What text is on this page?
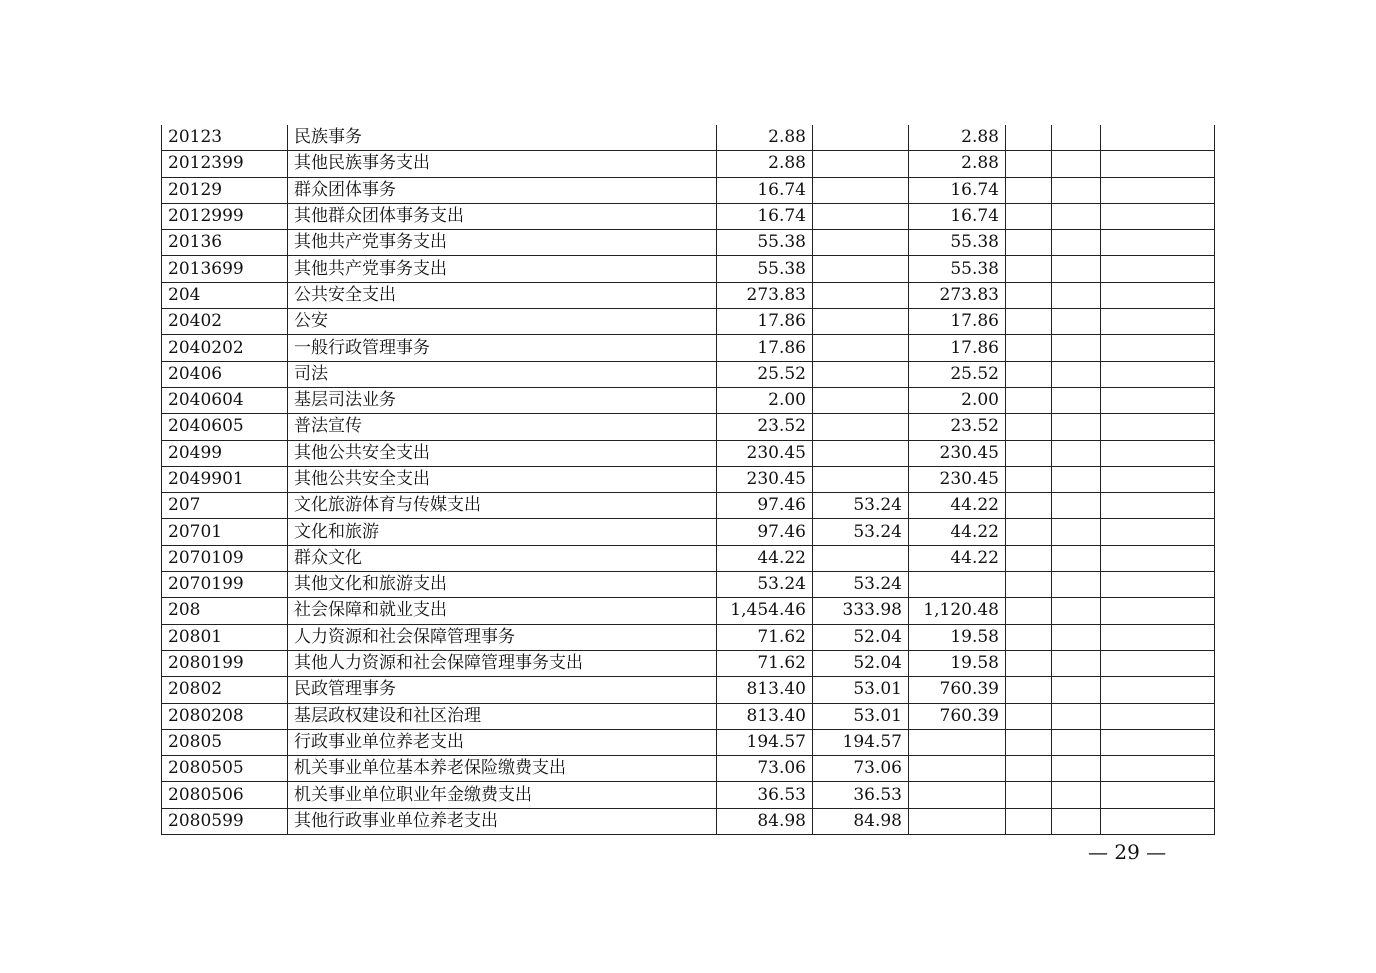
20123	民族事务	2.88		2.88			
2012399	其他民族事务支出	2.88		2.88			
20129	群众团体事务	16.74		16.74			
2012999	其他群众团体事务支出	16.74		16.74			
20136	其他共产党事务支出	55.38		55.38			
2013699	其他共产党事务支出	55.38		55.38			
204	公共安全支出	273.83		273.83			
20402	公安	17.86		17.86			
2040202	一般行政管理事务	17.86		17.86			
20406	司法	25.52		25.52			
2040604	基层司法业务	2.00		2.00			
2040605	普法宣传	23.52		23.52			
20499	其他公共安全支出	230.45		230.45			
2049901	其他公共安全支出	230.45		230.45			
207	文化旅游体育与传媒支出	97.46	53.24	44.22			
20701	文化和旅游	97.46	53.24	44.22			
2070109	群众文化	44.22		44.22			
2070199	其他文化和旅游支出	53.24	53.24				
208	社会保障和就业支出	1,454.46	333.98	1,120.48			
20801	人力资源和社会保障管理事务	71.62	52.04	19.58			
2080199	其他人力资源和社会保障管理事务支出	71.62	52.04	19.58			
20802	民政管理事务	813.40	53.01	760.39			
2080208	基层政权建设和社区治理	813.40	53.01	760.39			
20805	行政事业单位养老支出	194.57	194.57				
2080505	机关事业单位基本养老保险缴费支出	73.06	73.06				
2080506	机关事业单位职业年金缴费支出	36.53	36.53				
2080599	其他行政事业单位养老支出	84.98	84.98				
— 29 —
